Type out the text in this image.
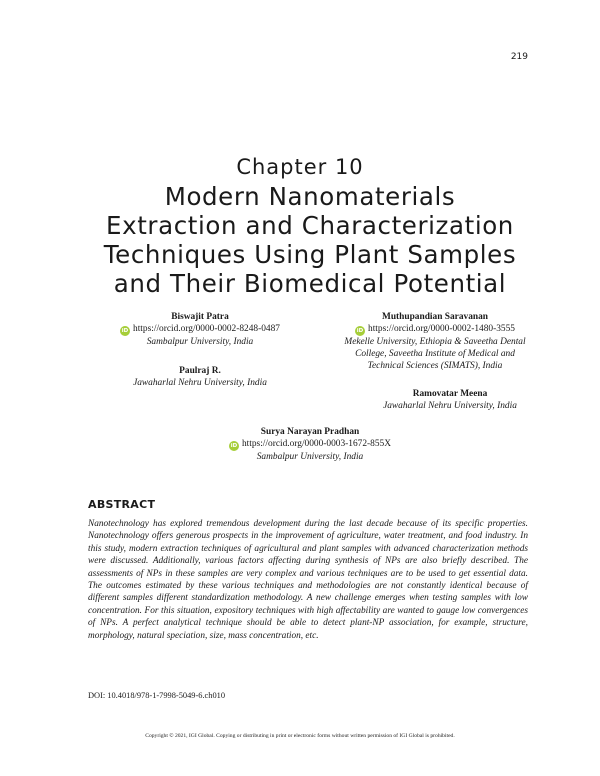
219
Chapter 10
Modern Nanomaterials
Extraction and Characterization
Techniques Using Plant Samples
and Their Biomedical Potential
Biswajit Patra
iD https://orcid.org/0000-0002-8248-0487
Sambalpur University, India
Muthupandian Saravanan
iD https://orcid.org/0000-0002-1480-3555
Mekelle University, Ethiopia & Saveetha Dental
College, Saveetha Institute of Medical and
Technical Sciences (SIMATS), India
Paulraj R.
Jawaharlal Nehru University, India
Ramovatar Meena
Jawaharlal Nehru University, India
Surya Narayan Pradhan
iD https://orcid.org/0000-0003-1672-855X
Sambalpur University, India
ABSTRACT
Nanotechnology has explored tremendous development during the last decade because of its specific properties. Nanotechnology offers generous prospects in the improvement of agriculture, water treatment, and food industry. In this study, modern extraction techniques of agricultural and plant samples with advanced characterization methods were discussed. Additionally, various factors affecting during synthesis of NPs are also briefly described. The assessments of NPs in these samples are very complex and various techniques are to be used to get essential data. The outcomes estimated by these various techniques and methodologies are not constantly identical because of different samples different standardization methodology. A new challenge emerges when testing samples with low concentration. For this situation, expository techniques with high affectability are wanted to gauge low convergences of NPs. A perfect analytical technique should be able to detect plant-NP association, for example, structure, morphology, natural speciation, size, mass concentration, etc.
DOI: 10.4018/978-1-7998-5049-6.ch010
Copyright © 2021, IGI Global. Copying or distributing in print or electronic forms without written permission of IGI Global is prohibited.
